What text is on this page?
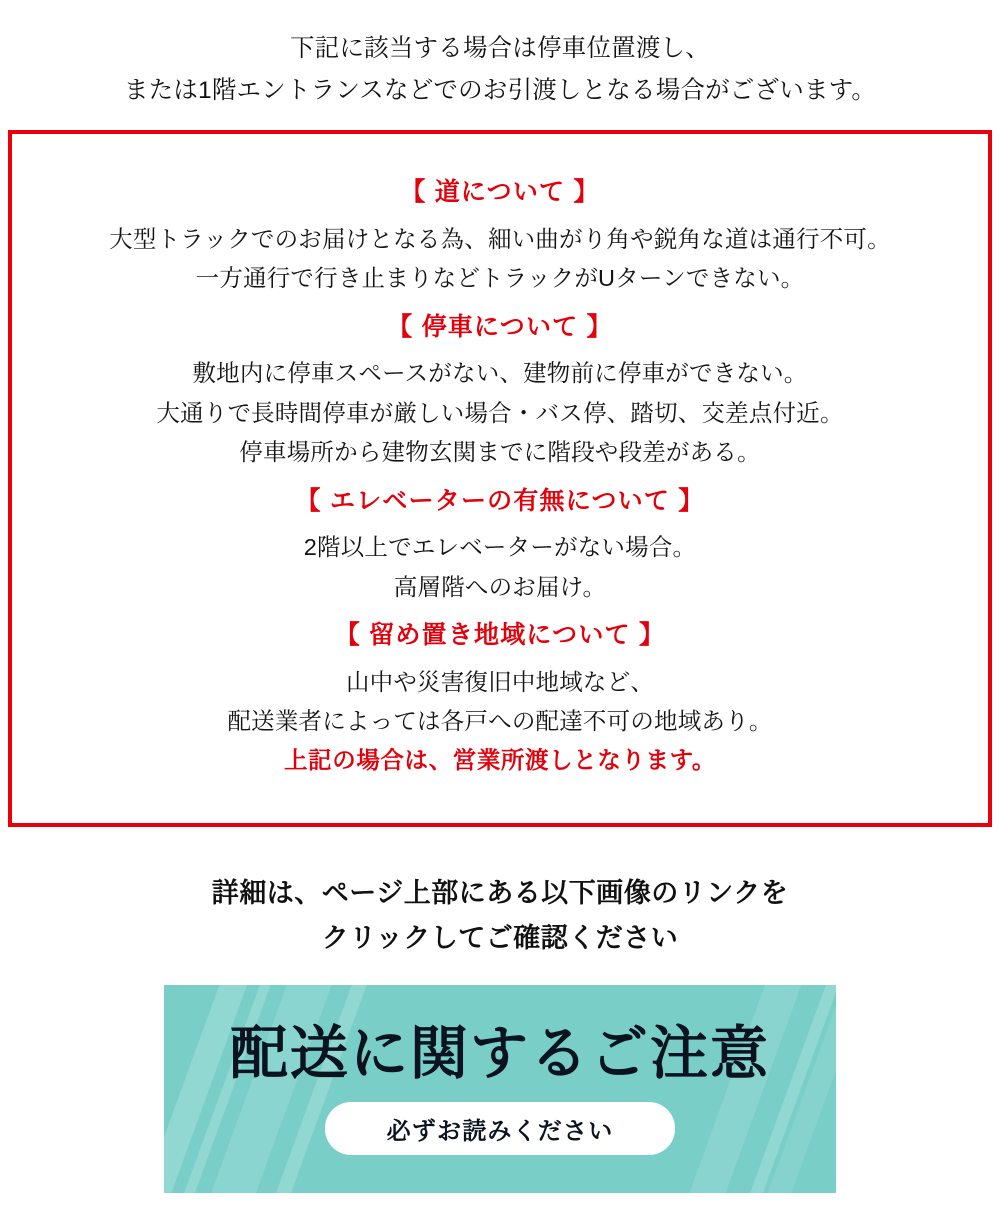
下記に該当する場合は停車位置渡し、
または1階エントランスなどでのお引渡しとなる場合がございます。
【 道について 】
大型トラックでのお届けとなる為、細い曲がり角や鋭角な道は通行不可。
一方通行で行き止まりなどトラックがUターンできない。
【 停車について 】
敷地内に停車スペースがない、建物前に停車ができない。
大通りで長時間停車が厳しい場合・バス停、踏切、交差点付近。
停車場所から建物玄関までに階段や段差がある。
【 エレベーターの有無について 】
2階以上でエレベーターがない場合。
高層階へのお届け。
【 留め置き地域について 】
山中や災害復旧中地域など、
配送業者によっては各戸への配達不可の地域あり。
上記の場合は、営業所渡しとなります。
詳細は、ページ上部にある以下画像のリンクを
クリックしてご確認ください
配送に関するご注意
必ずお読みください
